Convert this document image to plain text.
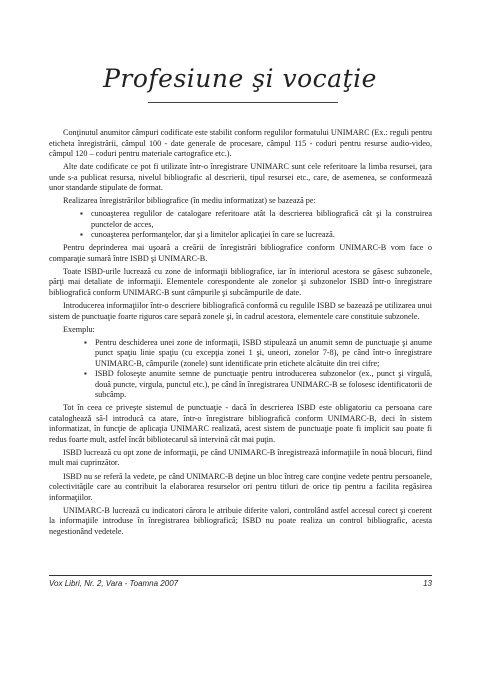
Profesiune şi vocaţie

Conţinutul anumitor câmpuri codificate este stabilit conform regulilor formatului UNIMARC (Ex.: reguli pentru eticheta înregistrării, câmpul 100 - date generale de procesare, câmpul 115 - coduri pentru resurse audio-video, câmpul 120 – coduri pentru materiale cartografice etc.).

Alte date codificate ce pot fi utilizate într-o înregistrare UNIMARC sunt cele referitoare la limba resursei, ţara unde s-a publicat resursa, nivelul bibliografic al descrierii, tipul resursei etc., care, de asemenea, se conformează unor standarde stipulate de format.

Realizarea înregistrărilor bibliografice (în mediu informatizat) se bazează pe:

▪ cunoaşterea regulilor de catalogare referitoare atât la descrierea bibliografică cât şi la construirea punctelor de acces,
▪ cunoaşterea performanţelor, dar şi a limitelor aplicaţiei în care se lucrează.

Pentru deprinderea mai uşoară a creării de înregistrări bibliografice conform UNIMARC-B vom face o comparaţie sumară între ISBD şi UNIMARC-B.

Toate ISBD-urile lucrează cu zone de informaţii bibliografice, iar în interiorul acestora se găsesc subzonele, părţi mai detaliate de informaţii. Elementele corespondente ale zonelor şi subzonelor ISBD într-o înregistrare bibliografică conform UNIMARC-B sunt câmpurile şi subcâmpurile de date.

Introducerea informaţiilor într-o descriere bibliografică conformă cu regulile ISBD se bazează pe utilizarea unui sistem de punctuaţie foarte riguros care separă zonele şi, în cadrul acestora, elementele care constituie subzonele.

Exemplu:

▪ Pentru deschiderea unei zone de informaţii, ISBD stipulează un anumit semn de punctuaţie şi anume punct spaţiu linie spaţiu (cu excepţia zonei 1 şi, uneori, zonelor 7-8), pe când într-o înregistrare UNIMARC-B, câmpurile (zonele) sunt identificate prin etichete alcătuite din trei cifre;
▪ ISBD foloseşte anumite semne de punctuaţie pentru introducerea subzonelor (ex., punct şi virgulă, două puncte, virgula, punctul etc.), pe când în înregistrarea UNIMARC-B se folosesc identificatorii de subcâmp.

Tot în ceea ce priveşte sistemul de punctuaţie - dacă în descrierea ISBD este obligatoriu ca persoana care catalogheazǎ să-l introducă ca atare, într-o înregistrare bibliografică conform UNIMARC-B, deci în sistem informatizat, în funcţie de aplicaţia UNIMARC realizată, acest sistem de punctuaţie poate fi implicit sau poate fi redus foarte mult, astfel încât bibliotecarul să intervină cât mai puţin.

ISBD lucrează cu opt zone de informaţii, pe când UNIMARC-B înregistrează informaţiile în nouă blocuri, fiind mult mai cuprinzător.

ISBD nu se referă la vedete, pe când UNIMARC-B deţine un bloc întreg care conţine vedete pentru persoanele, colectivităţile care au contribuit la elaborarea resurselor ori pentru titluri de orice tip pentru a facilita regăsirea informaţiilor.

UNIMARC-B lucrează cu indicatori cărora le atribuie diferite valori, controlând astfel accesul corect şi coerent la informaţiile introduse în înregistrarea bibliografică; ISBD nu poate realiza un control bibliografic, acesta negestionând vedetele.

Vox Libri, Nr. 2, Vara - Toamna 2007	13
